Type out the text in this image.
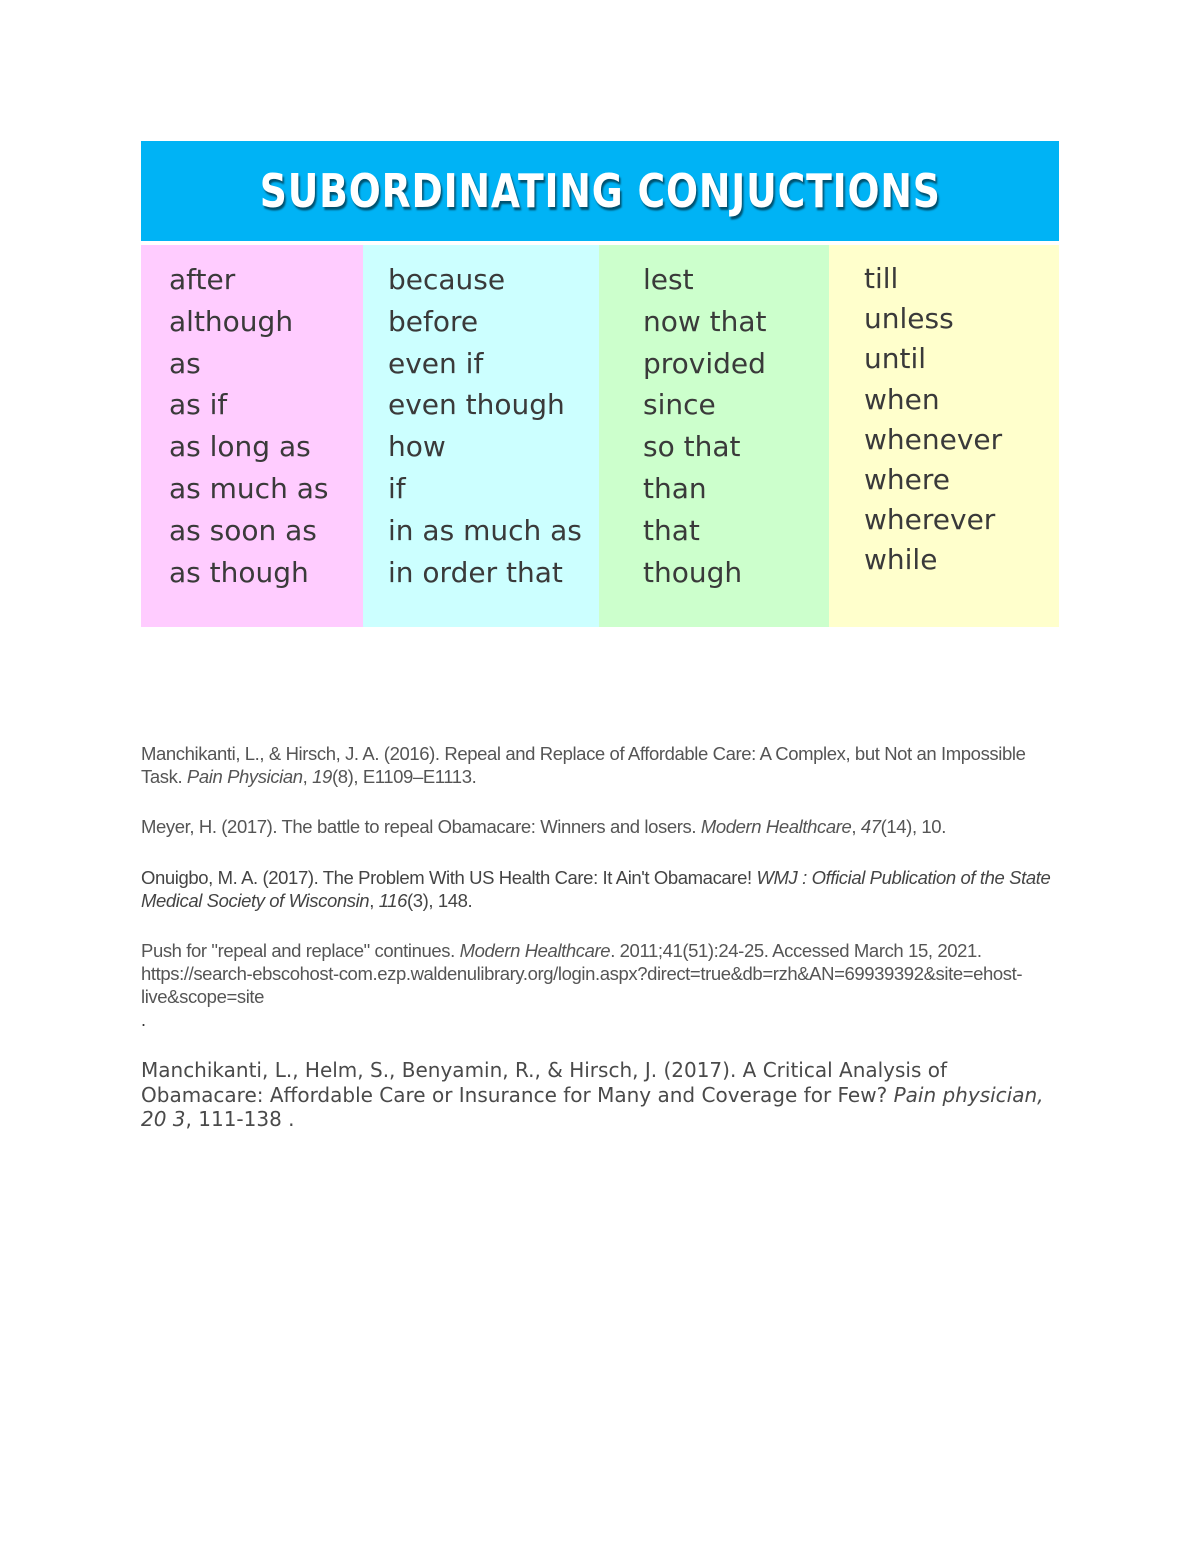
SUBORDINATING CONJUCTIONS
after
although
as
as if
as long as
as much as
as soon as
as though
because
before
even if
even though
how
if
in as much as
in order that
lest
now that
provided
since
so that
than
that
though
till
unless
until
when
whenever
where
wherever
while

Manchikanti, L., & Hirsch, J. A. (2016). Repeal and Replace of Affordable Care: A Complex, but Not an Impossible Task. Pain Physician, 19(8), E1109–E1113.

Meyer, H. (2017). The battle to repeal Obamacare: Winners and losers. Modern Healthcare, 47(14), 10.

Onuigbo, M. A. (2017). The Problem With US Health Care: It Ain't Obamacare! WMJ : Official Publication of the State Medical Society of Wisconsin, 116(3), 148.

Push for "repeal and replace" continues. Modern Healthcare. 2011;41(51):24-25. Accessed March 15, 2021. https://search-ebscohost-com.ezp.waldenulibrary.org/login.aspx?direct=true&db=rzh&AN=69939392&site=ehost-live&scope=site

.

Manchikanti, L., Helm, S., Benyamin, R., & Hirsch, J. (2017). A Critical Analysis of Obamacare: Affordable Care or Insurance for Many and Coverage for Few? Pain physician, 20 3, 111-138 .
